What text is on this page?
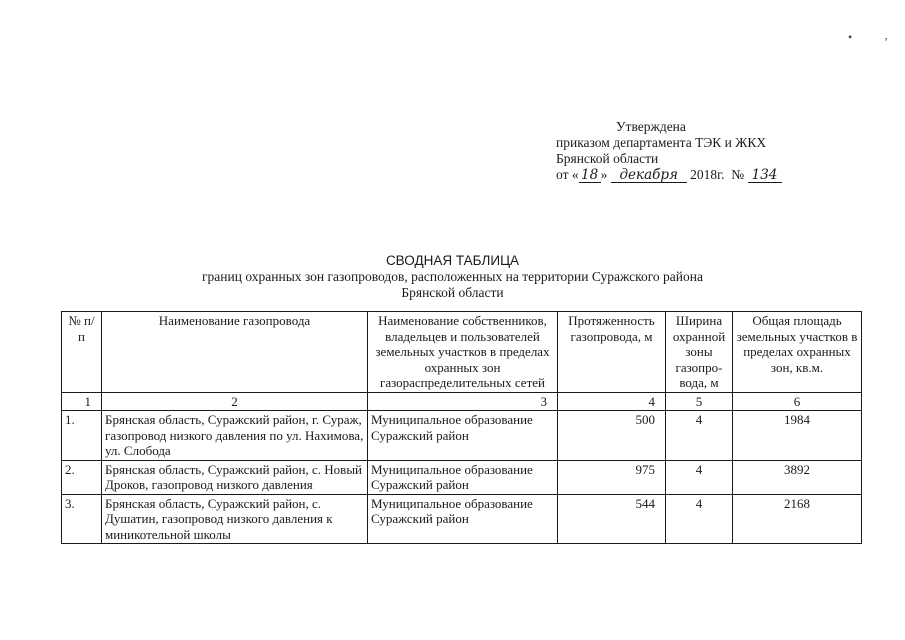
•	‚
Утверждена
приказом департамента ТЭК и ЖКХ
Брянской области
от « 18 » декабря 2018г. № 134
СВОДНАЯ ТАБЛИЦА
границ охранных зон газопроводов, расположенных на территории Суражского района
Брянской области
№ п/п	Наименование газопровода	Наименование собственников, владельцев и пользователей земельных участков в пределах охранных зон газораспределительных сетей	Протяженность газопровода, м	Ширина охранной зоны газопро-вода, м	Общая площадь земельных участков в пределах охранных зон, кв.м.
1	2	3	4	5	6
1.	Брянская область, Суражский район, г. Сураж, газопровод низкого давления по ул. Нахимова, ул. Слобода	Муниципальное образование Суражский район	500	4	1984
2.	Брянская область, Суражский район, с. Новый Дроков, газопровод низкого давления	Муниципальное образование Суражский район	975	4	3892
3.	Брянская область, Суражский район, с. Душатин, газопровод низкого давления к миникотельной школы	Муниципальное образование Суражский район	544	4	2168
